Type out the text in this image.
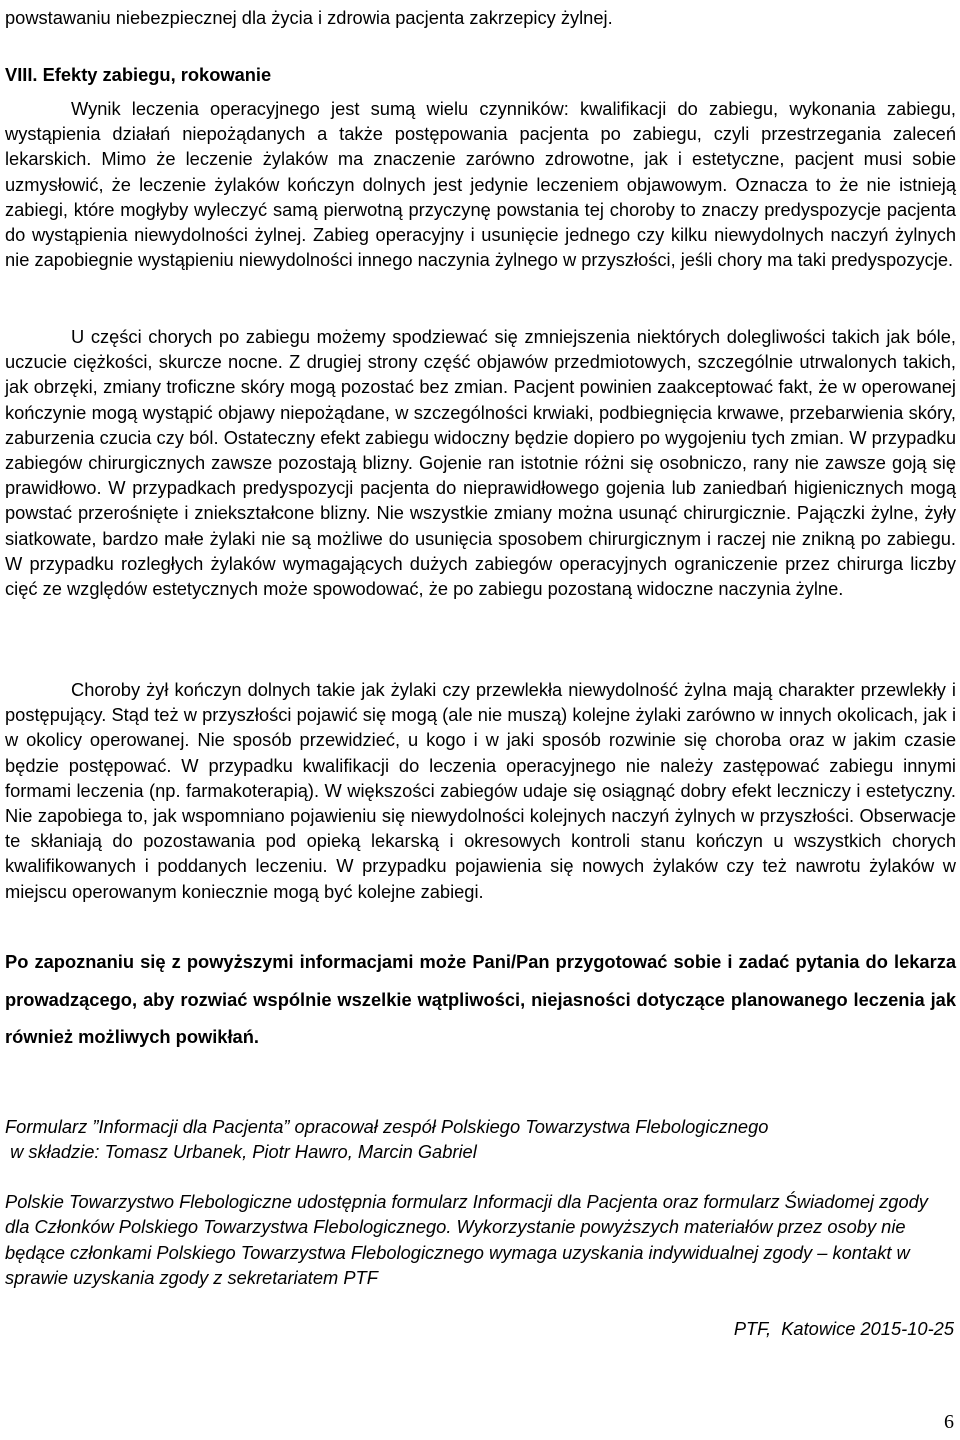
powstawaniu niebezpiecznej dla życia i zdrowia pacjenta zakrzepicy żylnej.

VIII. Efekty zabiegu, rokowanie

Wynik leczenia operacyjnego jest sumą wielu czynników: kwalifikacji do zabiegu, wykonania zabiegu, wystąpienia działań niepożądanych a także postępowania pacjenta po zabiegu, czyli przestrzegania zaleceń lekarskich. Mimo że leczenie żylaków ma znaczenie zarówno zdrowotne, jak i estetyczne, pacjent musi sobie uzmysłowić, że leczenie żylaków kończyn dolnych jest jedynie leczeniem objawowym. Oznacza to że nie istnieją zabiegi, które mogłyby wyleczyć samą pierwotną przyczynę powstania tej choroby to znaczy predyspozycje pacjenta do wystąpienia niewydolności żylnej. Zabieg operacyjny i usunięcie jednego czy kilku niewydolnych naczyń żylnych nie zapobiegnie wystąpieniu niewydolności innego naczynia żylnego w przyszłości, jeśli chory ma taki predyspozycje.

U części chorych po zabiegu możemy spodziewać się zmniejszenia niektórych dolegliwości takich jak bóle, uczucie ciężkości, skurcze nocne. Z drugiej strony część objawów przedmiotowych, szczególnie utrwalonych takich, jak obrzęki, zmiany troficzne skóry mogą pozostać bez zmian. Pacjent powinien zaakceptować fakt, że w operowanej kończynie mogą wystąpić objawy niepożądane, w szczególności krwiaki, podbiegnięcia krwawe, przebarwienia skóry, zaburzenia czucia czy ból. Ostateczny efekt zabiegu widoczny będzie dopiero po wygojeniu tych zmian. W przypadku zabiegów chirurgicznych zawsze pozostają blizny. Gojenie ran istotnie różni się osobniczo, rany nie zawsze goją się prawidłowo. W przypadkach predyspozycji pacjenta do nieprawidłowego gojenia lub zaniedbań higienicznych mogą powstać przerośnięte i zniekształcone blizny. Nie wszystkie zmiany można usunąć chirurgicznie. Pajączki żylne, żyły siatkowate, bardzo małe żylaki nie są możliwe do usunięcia sposobem chirurgicznym i raczej nie znikną po zabiegu. W przypadku rozległych żylaków wymagających dużych zabiegów operacyjnych ograniczenie przez chirurga liczby cięć ze względów estetycznych może spowodować, że po zabiegu pozostaną widoczne naczynia żylne.

Choroby żył kończyn dolnych takie jak żylaki czy przewlekła niewydolność żylna mają charakter przewlekły i postępujący. Stąd też w przyszłości pojawić się mogą (ale nie muszą) kolejne żylaki zarówno w innych okolicach, jak i w okolicy operowanej. Nie sposób przewidzieć, u kogo i w jaki sposób rozwinie się choroba oraz w jakim czasie będzie postępować. W przypadku kwalifikacji do leczenia operacyjnego nie należy zastępować zabiegu innymi formami leczenia (np. farmakoterapią). W większości zabiegów udaje się osiągnąć dobry efekt leczniczy i estetyczny. Nie zapobiega to, jak wspomniano pojawieniu się niewydolności kolejnych naczyń żylnych w przyszłości. Obserwacje te skłaniają do pozostawania pod opieką lekarską i okresowych kontroli stanu kończyn u wszystkich chorych kwalifikowanych i poddanych leczeniu. W przypadku pojawienia się nowych żylaków czy też nawrotu żylaków w miejscu operowanym koniecznie mogą być kolejne zabiegi.

Po zapoznaniu się z powyższymi informacjami może Pani/Pan przygotować sobie i zadać pytania do lekarza prowadzącego, aby rozwiać wspólnie wszelkie wątpliwości, niejasności dotyczące planowanego leczenia jak również możliwych powikłań.

Formularz ”Informacji dla Pacjenta” opracował zespół Polskiego Towarzystwa Flebologicznego

w składzie: Tomasz Urbanek, Piotr Hawro, Marcin Gabriel

Polskie Towarzystwo Flebologiczne udostępnia formularz Informacji dla Pacjenta oraz formularz Świadomej zgody dla Członków Polskiego Towarzystwa Flebologicznego. Wykorzystanie powyższych materiałów przez osoby nie będące członkami Polskiego Towarzystwa Flebologicznego wymaga uzyskania indywidualnej zgody – kontakt w sprawie uzyskania zgody z sekretariatem PTF

PTF,  Katowice 2015-10-25

6
